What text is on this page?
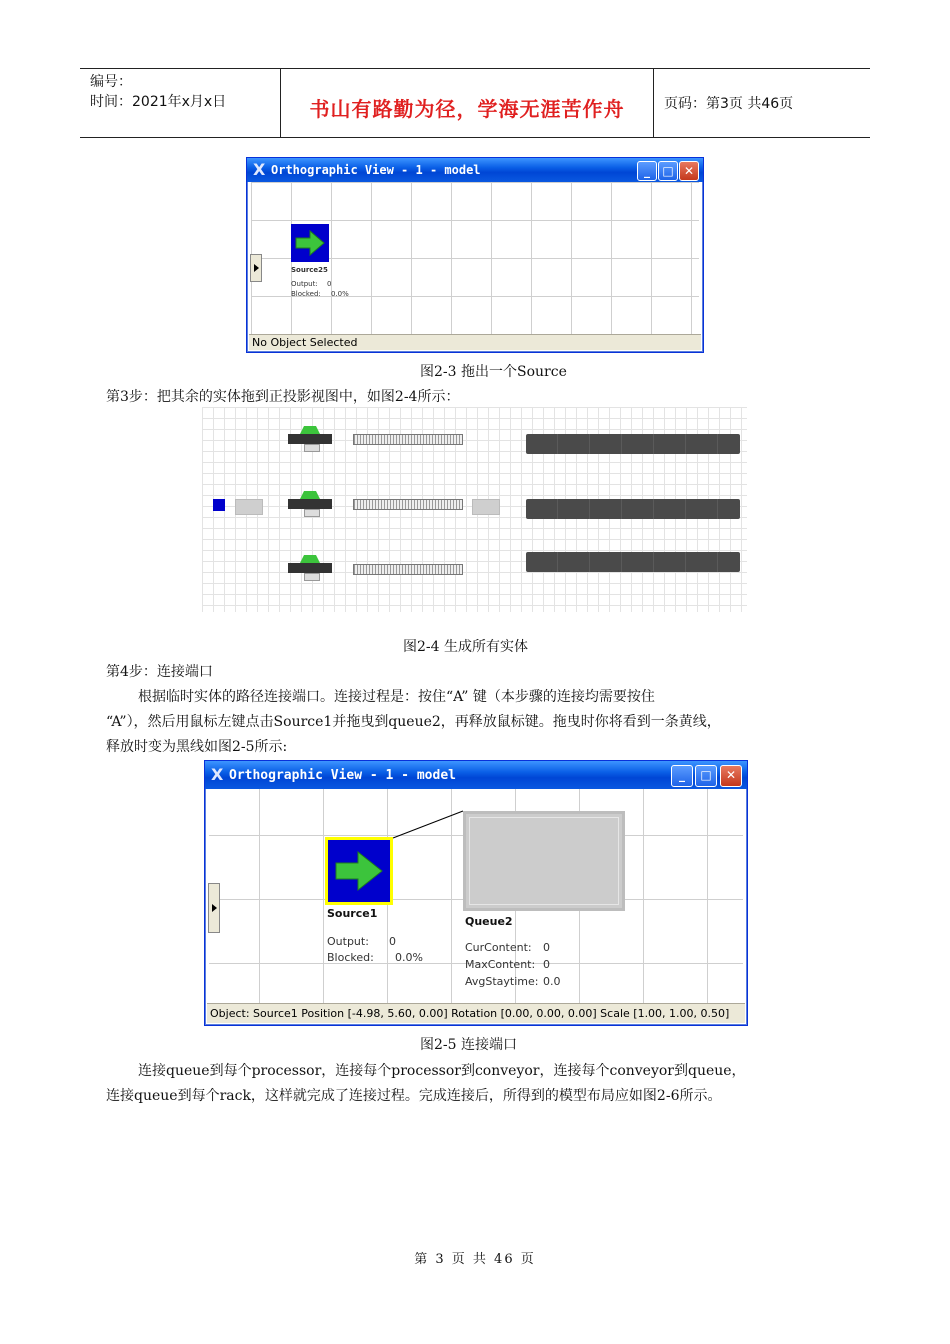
编号：
时间：2021年x月x日	书山有路勤为径，学海无涯苦作舟	页码：第3页 共46页
X Orthographic View - 1 - model	_	□ ✕
Source25
Output: 0
Blocked: 0.0%
No Object Selected
图2-3 拖出一个Source
第3步：把其余的实体拖到正投影视图中，如图2-4所示：
图2-4 生成所有实体
第4步：连接端口
根据临时实体的路径连接端口。连接过程是：按住“A” 键（本步骤的连接均需要按住
“A”），然后用鼠标左键点击Source1并拖曳到queue2，再释放鼠标键。拖曳时你将看到一条黄线，
释放时变为黑线如图2-5所示:
X Orthographic View - 1 - model	_	□	✕
Source1
Output: 0
Blocked: 0.0%
Queue2
CurContent: 0
MaxContent: 0
AvgStaytime: 0.0
Object: Source1 Position [-4.98, 5.60, 0.00] Rotation [0.00, 0.00, 0.00] Scale [1.00, 1.00, 0.50]
图2-5 连接端口
连接queue到每个processor，连接每个processor到conveyor，连接每个conveyor到queue，
连接queue到每个rack，这样就完成了连接过程。完成连接后，所得到的模型布局应如图2-6所示。
第 3 页 共 46 页
